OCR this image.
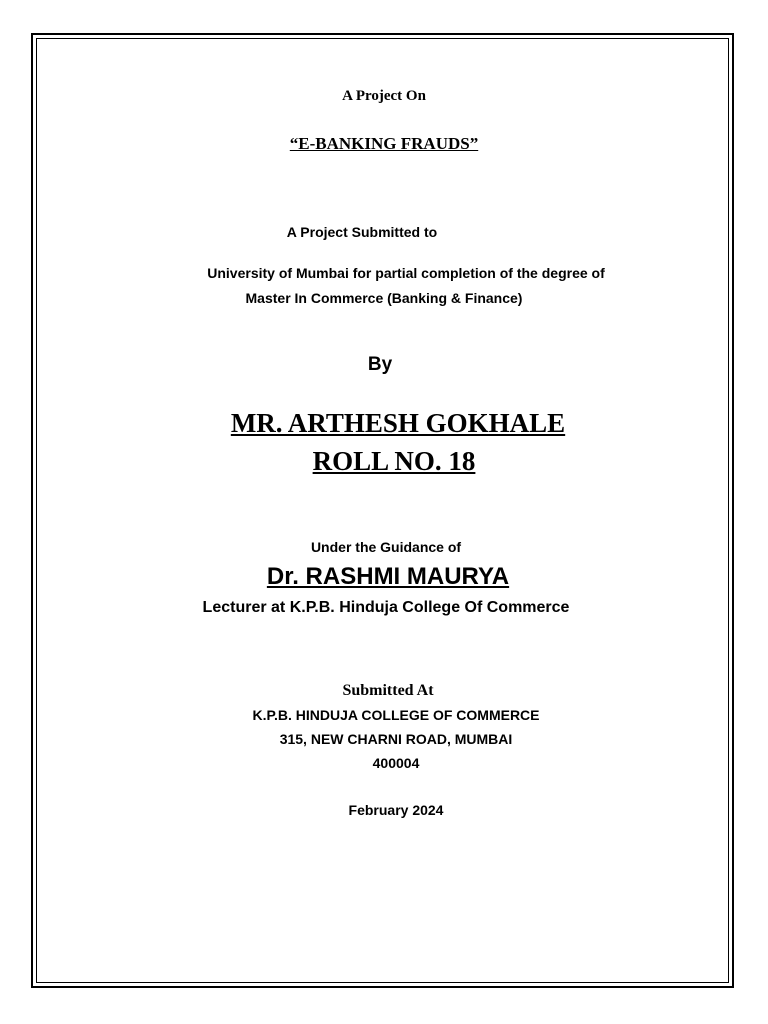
A Project On
“E-BANKING FRAUDS”
A Project Submitted to
University of Mumbai for partial completion of the degree of
Master In Commerce (Banking & Finance)
By
MR. ARTHESH GOKHALE
ROLL NO. 18
Under the Guidance of
Dr. RASHMI MAURYA
Lecturer at K.P.B. Hinduja College Of Commerce
Submitted At
K.P.B. HINDUJA COLLEGE OF COMMERCE
315, NEW CHARNI ROAD, MUMBAI
400004
February 2024
